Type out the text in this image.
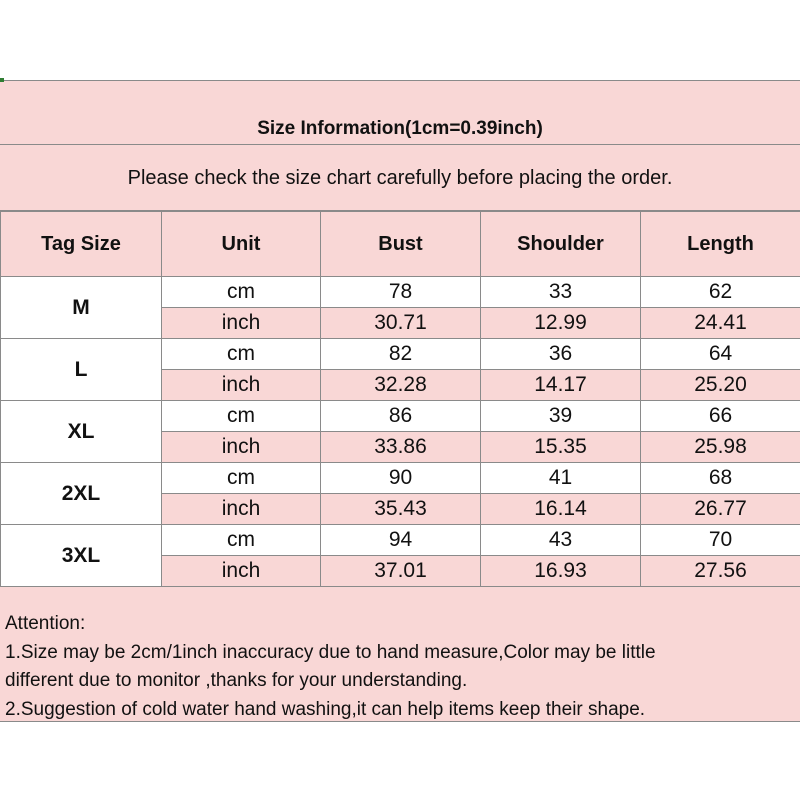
Size Information(1cm=0.39inch)
Please check the size chart carefully before placing the order.
Tag Size	Unit	Bust	Shoulder	Length
M	cm	78	33	62
	inch	30.71	12.99	24.41
L	cm	82	36	64
	inch	32.28	14.17	25.20
XL	cm	86	39	66
	inch	33.86	15.35	25.98
2XL	cm	90	41	68
	inch	35.43	16.14	26.77
3XL	cm	94	43	70
	inch	37.01	16.93	27.56
Attention:
1.Size may be 2cm/1inch inaccuracy due to hand measure,Color may be little
different due to monitor ,thanks for your understanding.
2.Suggestion of cold water hand washing,it can help items keep their shape.
